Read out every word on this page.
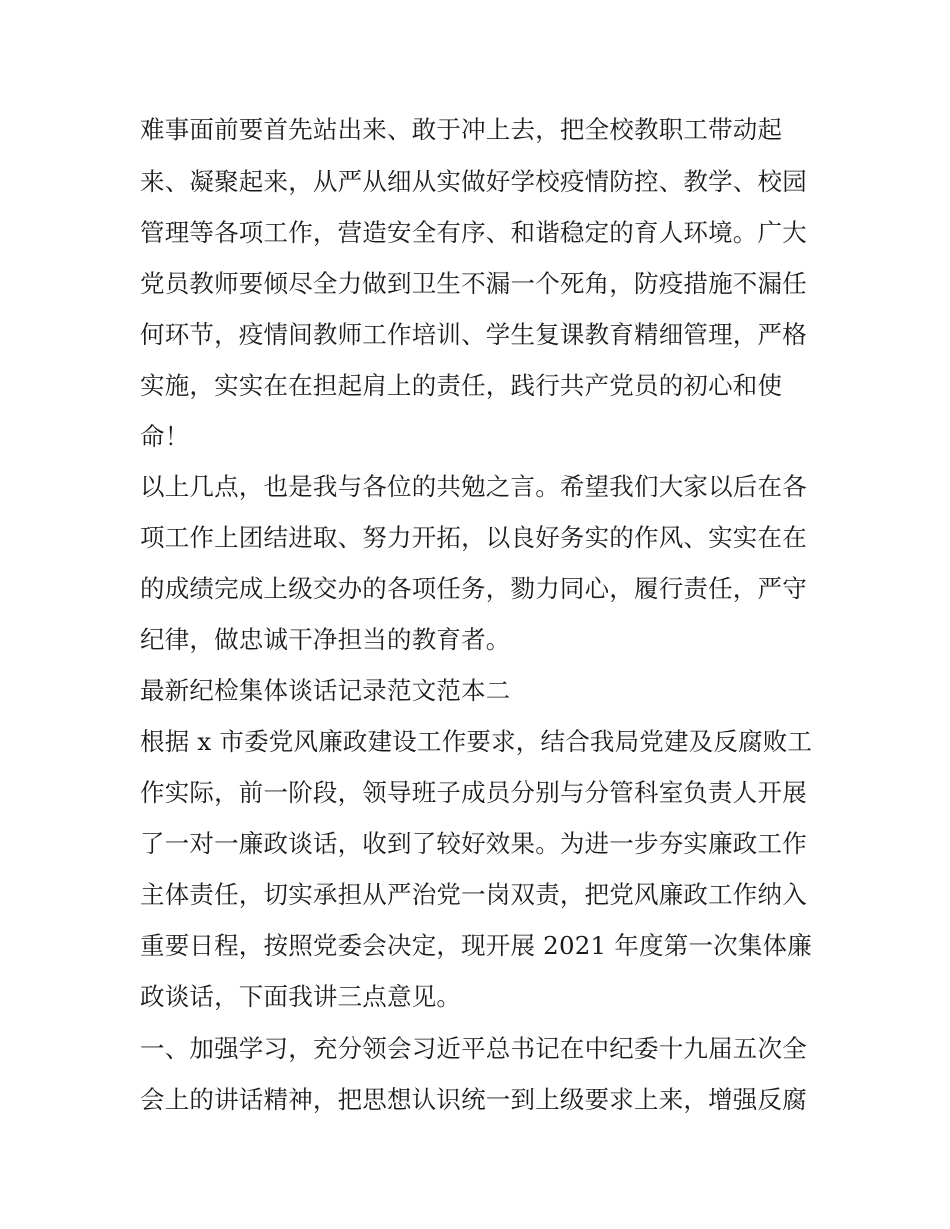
难事面前要首先站出来、敢于冲上去，把全校教职工带动起
来、凝聚起来，从严从细从实做好学校疫情防控、教学、校园
管理等各项工作，营造安全有序、和谐稳定的育人环境。广大
党员教师要倾尽全力做到卫生不漏一个死角，防疫措施不漏任
何环节，疫情间教师工作培训、学生复课教育精细管理，严格
实施，实实在在担起肩上的责任，践行共产党员的初心和使
命！
以上几点，也是我与各位的共勉之言。希望我们大家以后在各
项工作上团结进取、努力开拓，以良好务实的作风、实实在在
的成绩完成上级交办的各项任务，勠力同心，履行责任，严守
纪律，做忠诚干净担当的教育者。
最新纪检集体谈话记录范文范本二
根据 x 市委党风廉政建设工作要求，结合我局党建及反腐败工
作实际，前一阶段，领导班子成员分别与分管科室负责人开展
了一对一廉政谈话，收到了较好效果。为进一步夯实廉政工作
主体责任，切实承担从严治党一岗双责，把党风廉政工作纳入
重要日程，按照党委会决定，现开展 2021 年度第一次集体廉
政谈话，下面我讲三点意见。
一、加强学习，充分领会习近平总书记在中纪委十九届五次全
会上的讲话精神，把思想认识统一到上级要求上来，增强反腐
